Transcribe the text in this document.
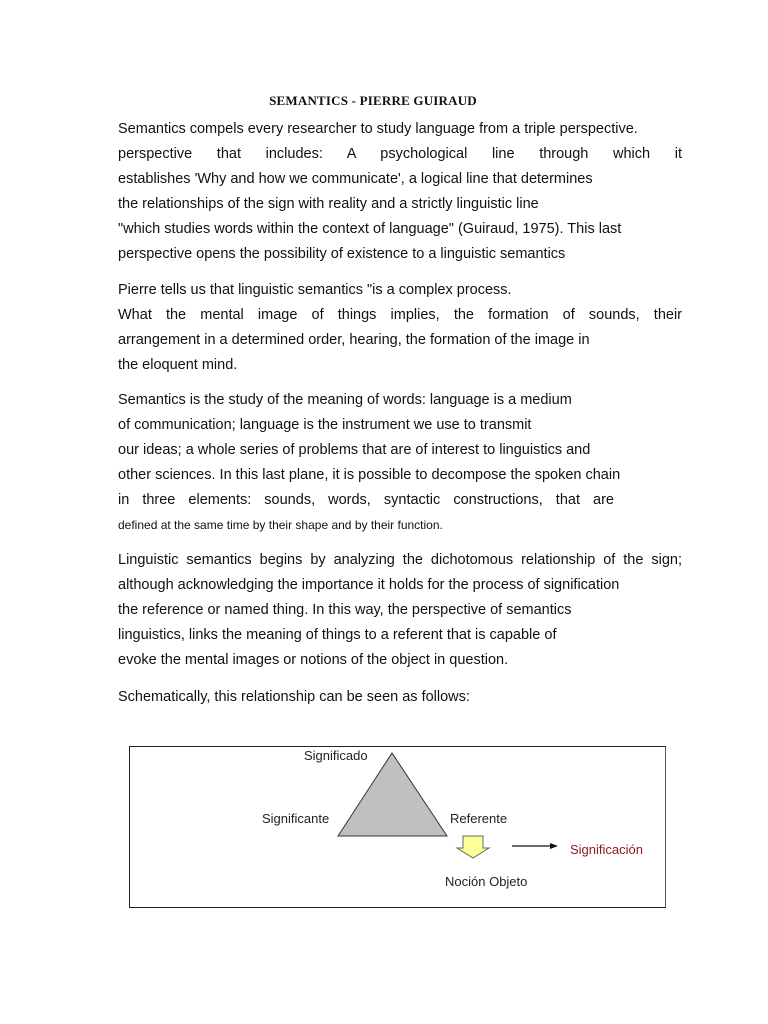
SEMANTICS - PIERRE GUIRAUD
Semantics compels every researcher to study language from a triple perspective.
perspective that includes: A psychological line through which it
establishes 'Why and how we communicate', a logical line that determines
the relationships of the sign with reality and a strictly linguistic line
"which studies words within the context of language" (Guiraud, 1975). This last
perspective opens the possibility of existence to a linguistic semantics
Pierre tells us that linguistic semantics "is a complex process.
What the mental image of things implies, the formation of sounds, their
arrangement in a determined order, hearing, the formation of the image in
the eloquent mind.
Semantics is the study of the meaning of words: language is a medium
of communication; language is the instrument we use to transmit
our ideas; a whole series of problems that are of interest to linguistics and
other sciences. In this last plane, it is possible to decompose the spoken chain
in three elements: sounds, words, syntactic constructions, that are
defined at the same time by their shape and by their function.
Linguistic semantics begins by analyzing the dichotomous relationship of the sign;
although acknowledging the importance it holds for the process of signification
the reference or named thing. In this way, the perspective of semantics
linguistics, links the meaning of things to a referent that is capable of
evoke the mental images or notions of the object in question.
Schematically, this relationship can be seen as follows:
Significado
Significante	Referente
Significación
Noción Objeto
